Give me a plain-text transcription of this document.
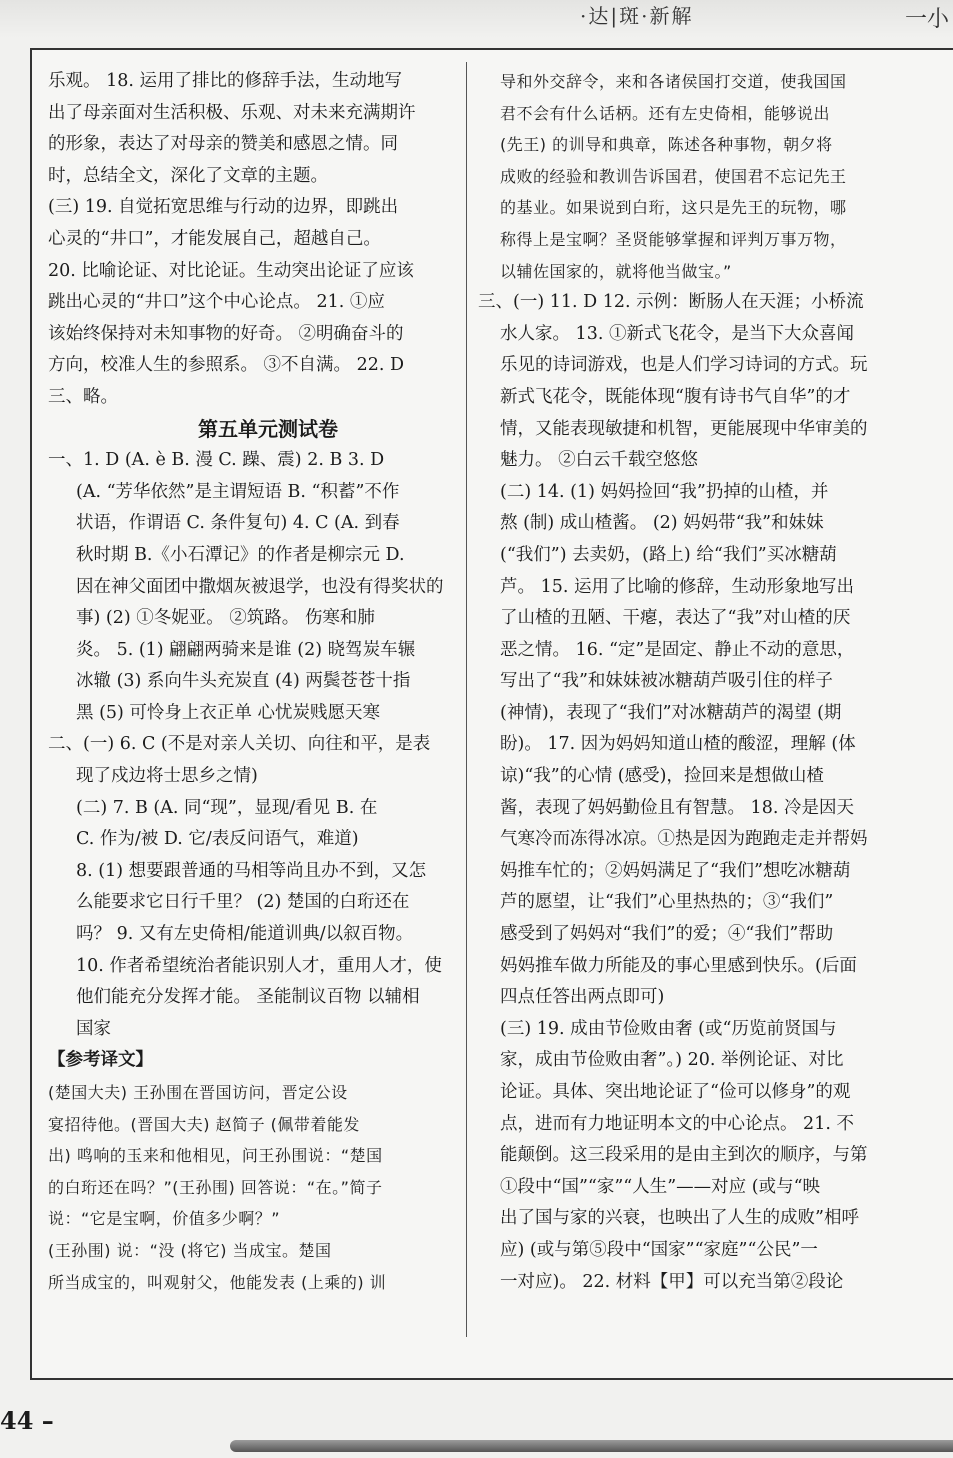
·达|斑·新解	一小
乐观。 18. 运用了排比的修辞手法，生动地写
出了母亲面对生活积极、乐观、对未来充满期许
的形象，表达了对母亲的赞美和感恩之情。同
时，总结全文，深化了文章的主题。
(三) 19. 自觉拓宽思维与行动的边界，即跳出
心灵的“井口”，才能发展自己，超越自己。
20. 比喻论证、对比论证。生动突出论证了应该
跳出心灵的“井口”这个中心论点。 21. ①应
该始终保持对未知事物的好奇。 ②明确奋斗的
方向，校准人生的参照系。 ③不自满。 22. D
三、略。
第五单元测试卷
一、1. D (A. è B. 漫 C. 躁、震) 2. B 3. D
(A. “芳华依然”是主谓短语 B. “积蓄”不作
状语，作谓语 C. 条件复句) 4. C (A. 到春
秋时期 B.《小石潭记》的作者是柳宗元 D.
因在神父面团中撒烟灰被退学，也没有得奖状的
事) (2) ①冬妮亚。 ②筑路。 伤寒和肺
炎。 5. (1) 翩翩两骑来是谁 (2) 晓驾炭车辗
冰辙 (3) 系向牛头充炭直 (4) 两鬓苍苍十指
黑 (5) 可怜身上衣正单 心忧炭贱愿天寒
二、(一) 6. C (不是对亲人关切、向往和平，是表
现了戍边将士思乡之情)
(二) 7. B (A. 同“现”，显现/看见 B. 在
C. 作为/被 D. 它/表反问语气，难道)
8. (1) 想要跟普通的马相等尚且办不到，又怎
么能要求它日行千里？ (2) 楚国的白珩还在
吗？ 9. 又有左史倚相/能道训典/以叙百物。
10. 作者希望统治者能识别人才，重用人才，使
他们能充分发挥才能。 圣能制议百物 以辅相
国家
【参考译文】
(楚国大夫) 王孙围在晋国访问，晋定公设
宴招待他。(晋国大夫) 赵简子 (佩带着能发
出) 鸣响的玉来和他相见，问王孙围说：“楚国
的白珩还在吗？”(王孙围) 回答说：“在。”简子
说：“它是宝啊，价值多少啊？”
(王孙围) 说：“没 (将它) 当成宝。楚国
所当成宝的，叫观射父，他能发表 (上乘的) 训
导和外交辞令，来和各诸侯国打交道，使我国国
君不会有什么话柄。还有左史倚相，能够说出
(先王) 的训导和典章，陈述各种事物，朝夕将
成败的经验和教训告诉国君，使国君不忘记先王
的基业。如果说到白珩，这只是先王的玩物，哪
称得上是宝啊？圣贤能够掌握和评判万事万物，
以辅佐国家的，就将他当做宝。”
三、(一) 11. D 12. 示例：断肠人在天涯；小桥流
水人家。 13. ①新式飞花令，是当下大众喜闻
乐见的诗词游戏，也是人们学习诗词的方式。玩
新式飞花令，既能体现“腹有诗书气自华”的才
情，又能表现敏捷和机智，更能展现中华审美的
魅力。 ②白云千载空悠悠
(二) 14. (1) 妈妈捡回“我”扔掉的山楂，并
熬 (制) 成山楂酱。 (2) 妈妈带“我”和妹妹
(“我们”) 去卖奶，(路上) 给“我们”买冰糖葫
芦。 15. 运用了比喻的修辞，生动形象地写出
了山楂的丑陋、干瘪，表达了“我”对山楂的厌
恶之情。 16. “定”是固定、静止不动的意思，
写出了“我”和妹妹被冰糖葫芦吸引住的样子
(神情)，表现了“我们”对冰糖葫芦的渴望 (期
盼)。 17. 因为妈妈知道山楂的酸涩，理解 (体
谅)“我”的心情 (感受)，捡回来是想做山楂
酱，表现了妈妈勤俭且有智慧。 18. 冷是因天
气寒冷而冻得冰凉。①热是因为跑跑走走并帮妈
妈推车忙的；②妈妈满足了“我们”想吃冰糖葫
芦的愿望，让“我们”心里热热的；③“我们”
感受到了妈妈对“我们”的爱；④“我们”帮助
妈妈推车做力所能及的事心里感到快乐。(后面
四点任答出两点即可)
(三) 19. 成由节俭败由奢 (或“历览前贤国与
家，成由节俭败由奢”。) 20. 举例论证、对比
论证。具体、突出地论证了“俭可以修身”的观
点，进而有力地证明本文的中心论点。 21. 不
能颠倒。这三段采用的是由主到次的顺序，与第
①段中“国”“家”“人生”——对应 (或与“映
出了国与家的兴衰，也映出了人生的成败”相呼
应) (或与第⑤段中“国家”“家庭”“公民”一
一对应)。 22. 材料【甲】可以充当第②段论
44 –
